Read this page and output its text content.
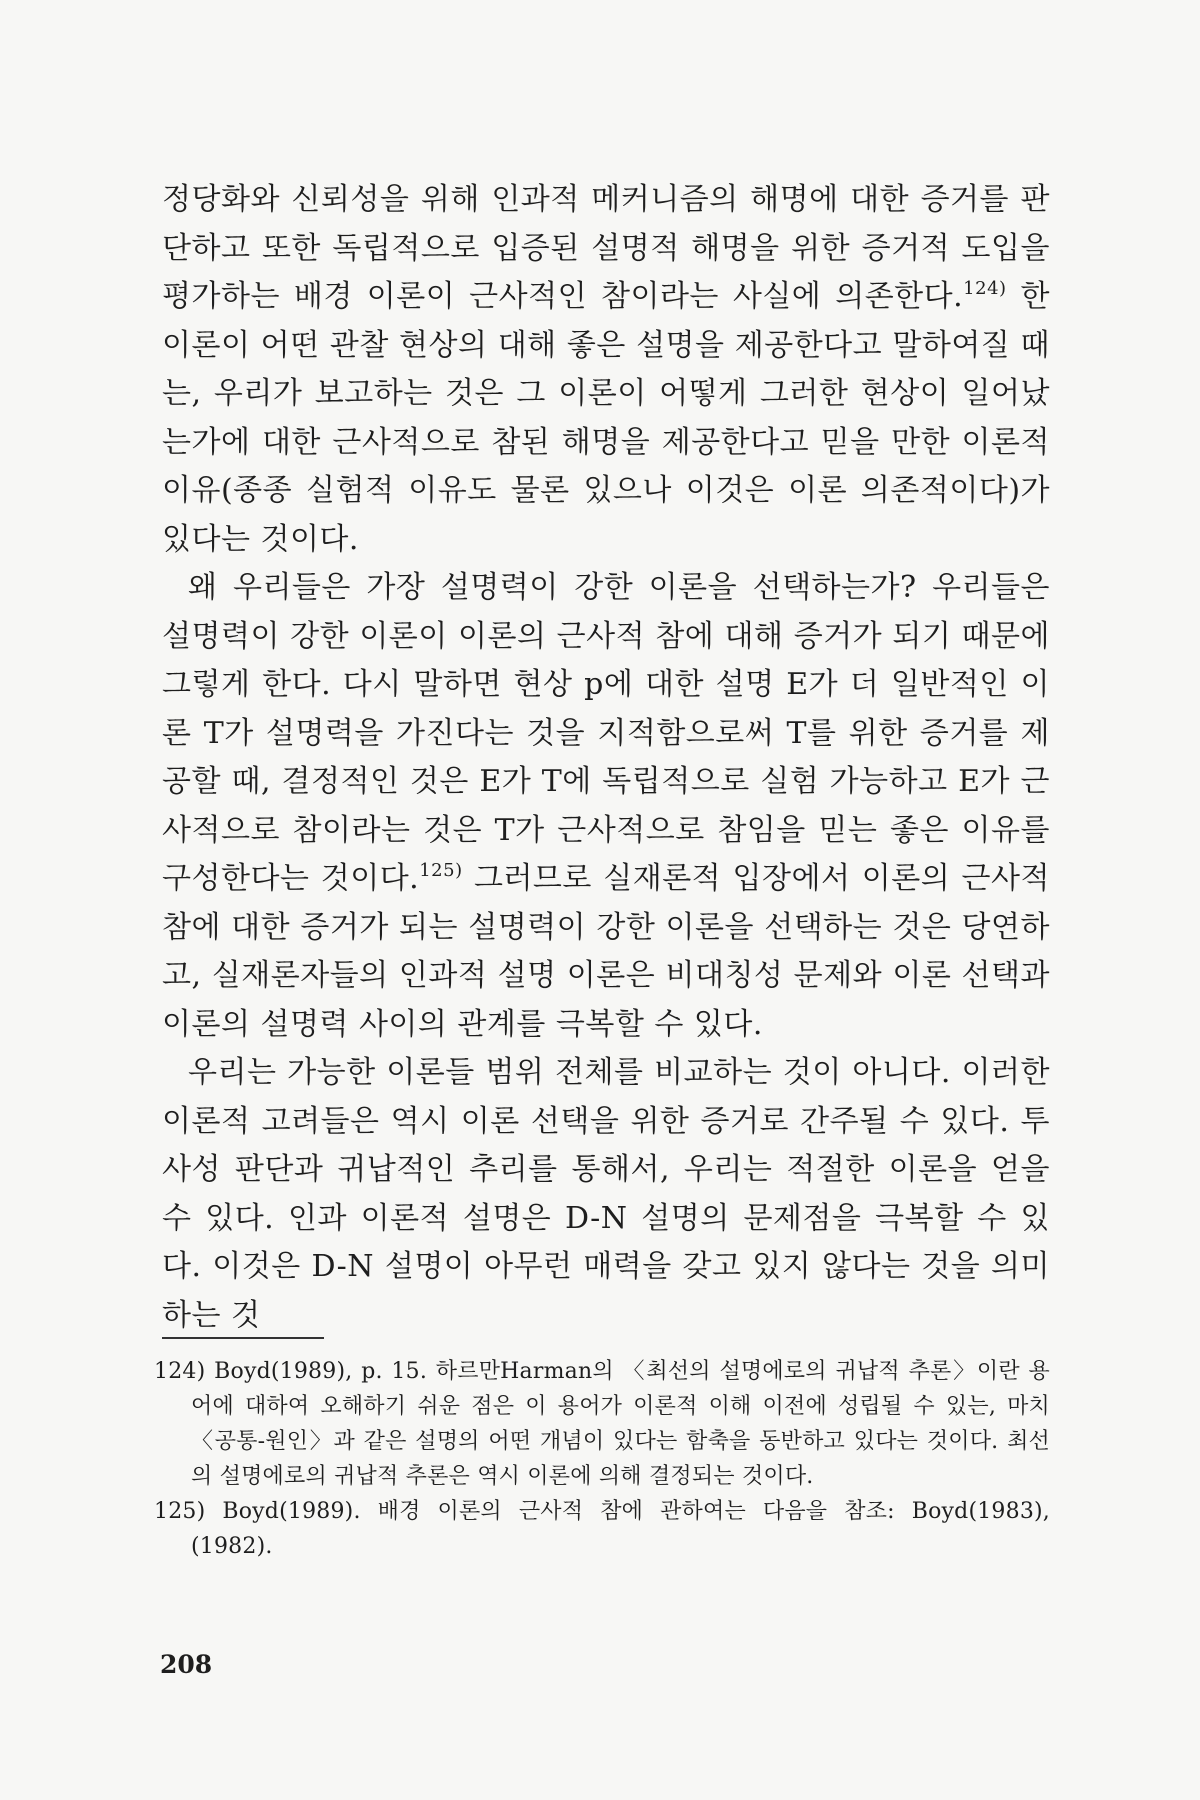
정당화와 신뢰성을 위해 인과적 메커니즘의 해명에 대한 증거를 판단하고 또한 독립적으로 입증된 설명적 해명을 위한 증거적 도입을 평가하는 배경 이론이 근사적인 참이라는 사실에 의존한다.$^{124)}$ 한 이론이 어떤 관찰 현상의 대해 좋은 설명을 제공한다고 말하여질 때는, 우리가 보고하는 것은 그 이론이 어떻게 그러한 현상이 일어났는가에 대한 근사적으로 참된 해명을 제공한다고 믿을 만한 이론적 이유(종종 실험적 이유도 물론 있으나 이것은 이론 의존적이다)가 있다는 것이다.

왜 우리들은 가장 설명력이 강한 이론을 선택하는가? 우리들은 설명력이 강한 이론이 이론의 근사적 참에 대해 증거가 되기 때문에 그렇게 한다. 다시 말하면 현상 p에 대한 설명 E가 더 일반적인 이론 T가 설명력을 가진다는 것을 지적함으로써 T를 위한 증거를 제공할 때, 결정적인 것은 E가 T에 독립적으로 실험 가능하고 E가 근사적으로 참이라는 것은 T가 근사적으로 참임을 믿는 좋은 이유를 구성한다는 것이다.$^{125)}$ 그러므로 실재론적 입장에서 이론의 근사적 참에 대한 증거가 되는 설명력이 강한 이론을 선택하는 것은 당연하고, 실재론자들의 인과적 설명 이론은 비대칭성 문제와 이론 선택과 이론의 설명력 사이의 관계를 극복할 수 있다.

우리는 가능한 이론들 범위 전체를 비교하는 것이 아니다. 이러한 이론적 고려들은 역시 이론 선택을 위한 증거로 간주될 수 있다. 투사성 판단과 귀납적인 추리를 통해서, 우리는 적절한 이론을 얻을 수 있다. 인과 이론적 설명은 D-N 설명의 문제점을 극복할 수 있다. 이것은 D-N 설명이 아무런 매력을 갖고 있지 않다는 것을 의미하는 것

124) Boyd(1989), p. 15. 하르만Harman의 〈최선의 설명에로의 귀납적 추론〉이란 용어에 대하여 오해하기 쉬운 점은 이 용어가 이론적 이해 이전에 성립될 수 있는, 마치 〈공통-원인〉과 같은 설명의 어떤 개념이 있다는 함축을 동반하고 있다는 것이다. 최선의 설명에로의 귀납적 추론은 역시 이론에 의해 결정되는 것이다.

125) Boyd(1989). 배경 이론의 근사적 참에 관하여는 다음을 참조: Boyd(1983), (1982).

208
